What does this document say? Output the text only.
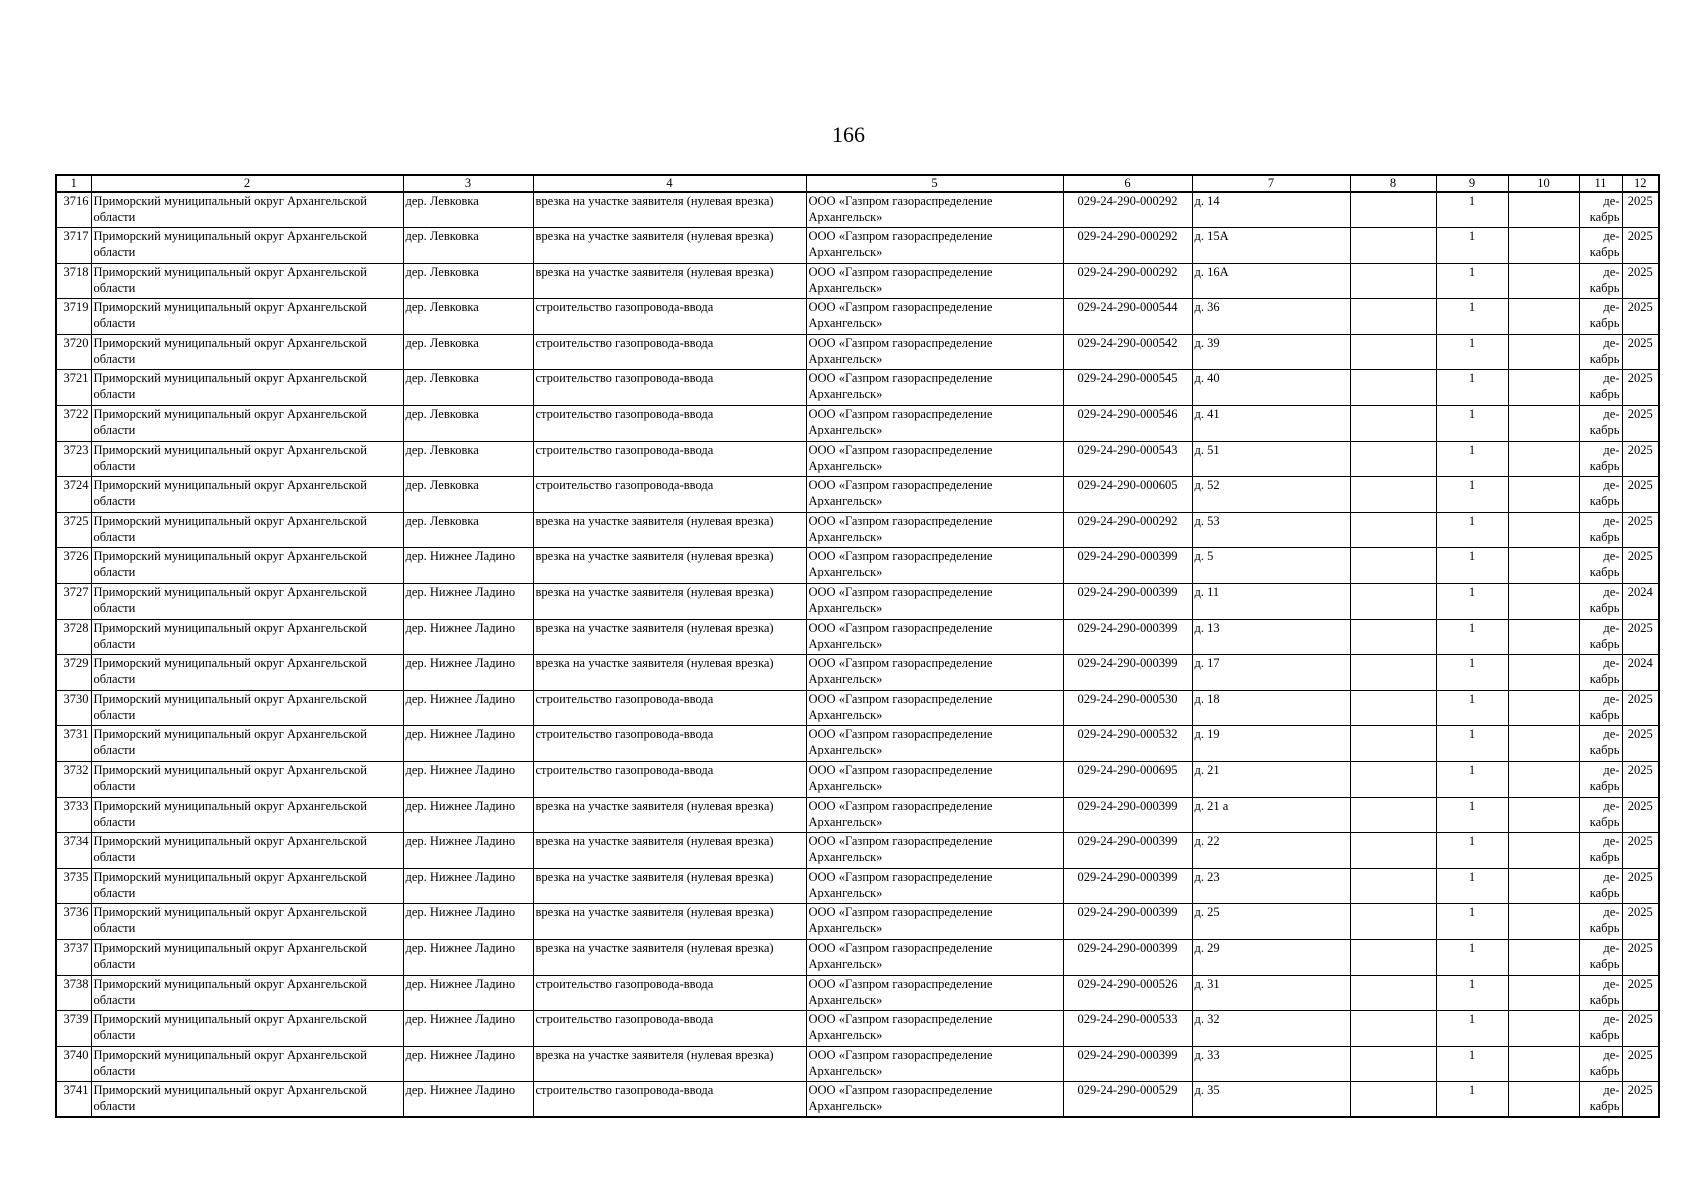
166
1	2	3	4	5	6	7	8	9	10	11	12
3716	Приморский муниципальный округ Архангельской области	дер. Левковка	врезка на участке заявителя (нулевая врезка)	ООО «Газпром газораспределение Архангельск»	029-24-290-000292	д. 14		1		де-кабрь	2025
3717	Приморский муниципальный округ Архангельской области	дер. Левковка	врезка на участке заявителя (нулевая врезка)	ООО «Газпром газораспределение Архангельск»	029-24-290-000292	д. 15А		1		де-кабрь	2025
3718	Приморский муниципальный округ Архангельской области	дер. Левковка	врезка на участке заявителя (нулевая врезка)	ООО «Газпром газораспределение Архангельск»	029-24-290-000292	д. 16А		1		де-кабрь	2025
3719	Приморский муниципальный округ Архангельской области	дер. Левковка	строительство газопровода-ввода	ООО «Газпром газораспределение Архангельск»	029-24-290-000544	д. 36		1		де-кабрь	2025
3720	Приморский муниципальный округ Архангельской области	дер. Левковка	строительство газопровода-ввода	ООО «Газпром газораспределение Архангельск»	029-24-290-000542	д. 39		1		де-кабрь	2025
3721	Приморский муниципальный округ Архангельской области	дер. Левковка	строительство газопровода-ввода	ООО «Газпром газораспределение Архангельск»	029-24-290-000545	д. 40		1		де-кабрь	2025
3722	Приморский муниципальный округ Архангельской области	дер. Левковка	строительство газопровода-ввода	ООО «Газпром газораспределение Архангельск»	029-24-290-000546	д. 41		1		де-кабрь	2025
3723	Приморский муниципальный округ Архангельской области	дер. Левковка	строительство газопровода-ввода	ООО «Газпром газораспределение Архангельск»	029-24-290-000543	д. 51		1		де-кабрь	2025
3724	Приморский муниципальный округ Архангельской области	дер. Левковка	строительство газопровода-ввода	ООО «Газпром газораспределение Архангельск»	029-24-290-000605	д. 52		1		де-кабрь	2025
3725	Приморский муниципальный округ Архангельской области	дер. Левковка	врезка на участке заявителя (нулевая врезка)	ООО «Газпром газораспределение Архангельск»	029-24-290-000292	д. 53		1		де-кабрь	2025
3726	Приморский муниципальный округ Архангельской области	дер. Нижнее Ладино	врезка на участке заявителя (нулевая врезка)	ООО «Газпром газораспределение Архангельск»	029-24-290-000399	д. 5		1		де-кабрь	2025
3727	Приморский муниципальный округ Архангельской области	дер. Нижнее Ладино	врезка на участке заявителя (нулевая врезка)	ООО «Газпром газораспределение Архангельск»	029-24-290-000399	д. 11		1		де-кабрь	2024
3728	Приморский муниципальный округ Архангельской области	дер. Нижнее Ладино	врезка на участке заявителя (нулевая врезка)	ООО «Газпром газораспределение Архангельск»	029-24-290-000399	д. 13		1		де-кабрь	2025
3729	Приморский муниципальный округ Архангельской области	дер. Нижнее Ладино	врезка на участке заявителя (нулевая врезка)	ООО «Газпром газораспределение Архангельск»	029-24-290-000399	д. 17		1		де-кабрь	2024
3730	Приморский муниципальный округ Архангельской области	дер. Нижнее Ладино	строительство газопровода-ввода	ООО «Газпром газораспределение Архангельск»	029-24-290-000530	д. 18		1		де-кабрь	2025
3731	Приморский муниципальный округ Архангельской области	дер. Нижнее Ладино	строительство газопровода-ввода	ООО «Газпром газораспределение Архангельск»	029-24-290-000532	д. 19		1		де-кабрь	2025
3732	Приморский муниципальный округ Архангельской области	дер. Нижнее Ладино	строительство газопровода-ввода	ООО «Газпром газораспределение Архангельск»	029-24-290-000695	д. 21		1		де-кабрь	2025
3733	Приморский муниципальный округ Архангельской области	дер. Нижнее Ладино	врезка на участке заявителя (нулевая врезка)	ООО «Газпром газораспределение Архангельск»	029-24-290-000399	д. 21 а		1		де-кабрь	2025
3734	Приморский муниципальный округ Архангельской области	дер. Нижнее Ладино	врезка на участке заявителя (нулевая врезка)	ООО «Газпром газораспределение Архангельск»	029-24-290-000399	д. 22		1		де-кабрь	2025
3735	Приморский муниципальный округ Архангельской области	дер. Нижнее Ладино	врезка на участке заявителя (нулевая врезка)	ООО «Газпром газораспределение Архангельск»	029-24-290-000399	д. 23		1		де-кабрь	2025
3736	Приморский муниципальный округ Архангельской области	дер. Нижнее Ладино	врезка на участке заявителя (нулевая врезка)	ООО «Газпром газораспределение Архангельск»	029-24-290-000399	д. 25		1		де-кабрь	2025
3737	Приморский муниципальный округ Архангельской области	дер. Нижнее Ладино	врезка на участке заявителя (нулевая врезка)	ООО «Газпром газораспределение Архангельск»	029-24-290-000399	д. 29		1		де-кабрь	2025
3738	Приморский муниципальный округ Архангельской области	дер. Нижнее Ладино	строительство газопровода-ввода	ООО «Газпром газораспределение Архангельск»	029-24-290-000526	д. 31		1		де-кабрь	2025
3739	Приморский муниципальный округ Архангельской области	дер. Нижнее Ладино	строительство газопровода-ввода	ООО «Газпром газораспределение Архангельск»	029-24-290-000533	д. 32		1		де-кабрь	2025
3740	Приморский муниципальный округ Архангельской области	дер. Нижнее Ладино	врезка на участке заявителя (нулевая врезка)	ООО «Газпром газораспределение Архангельск»	029-24-290-000399	д. 33		1		де-кабрь	2025
3741	Приморский муниципальный округ Архангельской области	дер. Нижнее Ладино	строительство газопровода-ввода	ООО «Газпром газораспределение Архангельск»	029-24-290-000529	д. 35		1		де-кабрь	2025
